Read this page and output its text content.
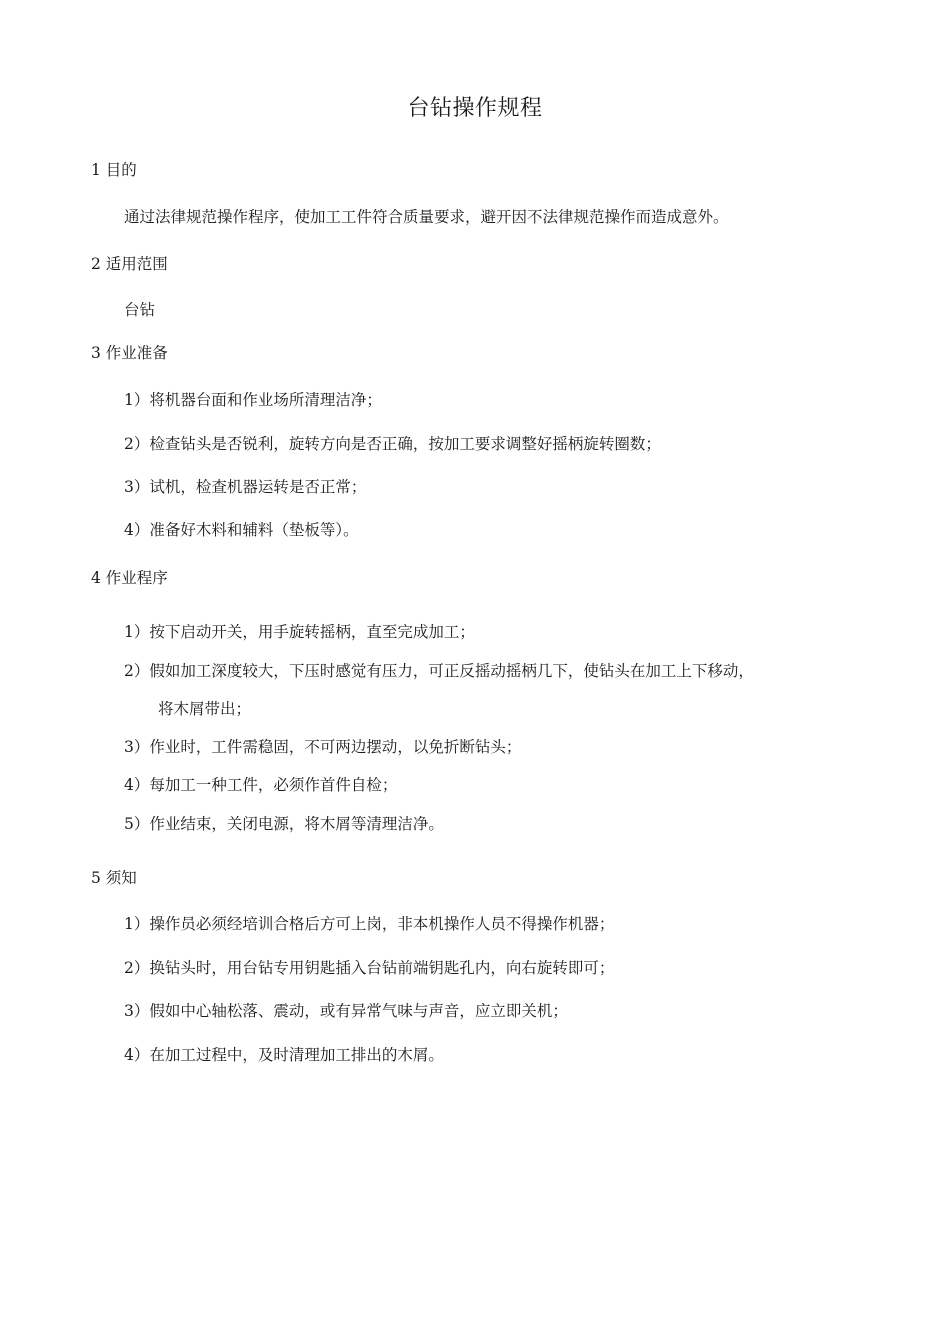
台钻操作规程
1 目的
通过法律规范操作程序，使加工工件符合质量要求，避开因不法律规范操作而造成意外。
2 适用范围
台钻
3 作业准备
1）将机器台面和作业场所清理洁净；
2）检查钻头是否锐利，旋转方向是否正确，按加工要求调整好摇柄旋转圈数；
3）试机，检查机器运转是否正常；
4）准备好木料和辅料（垫板等）。
4 作业程序
1）按下启动开关，用手旋转摇柄，直至完成加工；
2）假如加工深度较大，下压时感觉有压力，可正反摇动摇柄几下，使钻头在加工上下移动，
将木屑带出；
3）作业时，工件需稳固，不可两边摆动，以免折断钻头；
4）每加工一种工件，必须作首件自检；
5）作业结束，关闭电源，将木屑等清理洁净。
5 须知
1）操作员必须经培训合格后方可上岗，非本机操作人员不得操作机器；
2）换钻头时，用台钻专用钥匙插入台钻前端钥匙孔内，向右旋转即可；
3）假如中心轴松落、震动，或有异常气味与声音，应立即关机；
4）在加工过程中，及时清理加工排出的木屑。
